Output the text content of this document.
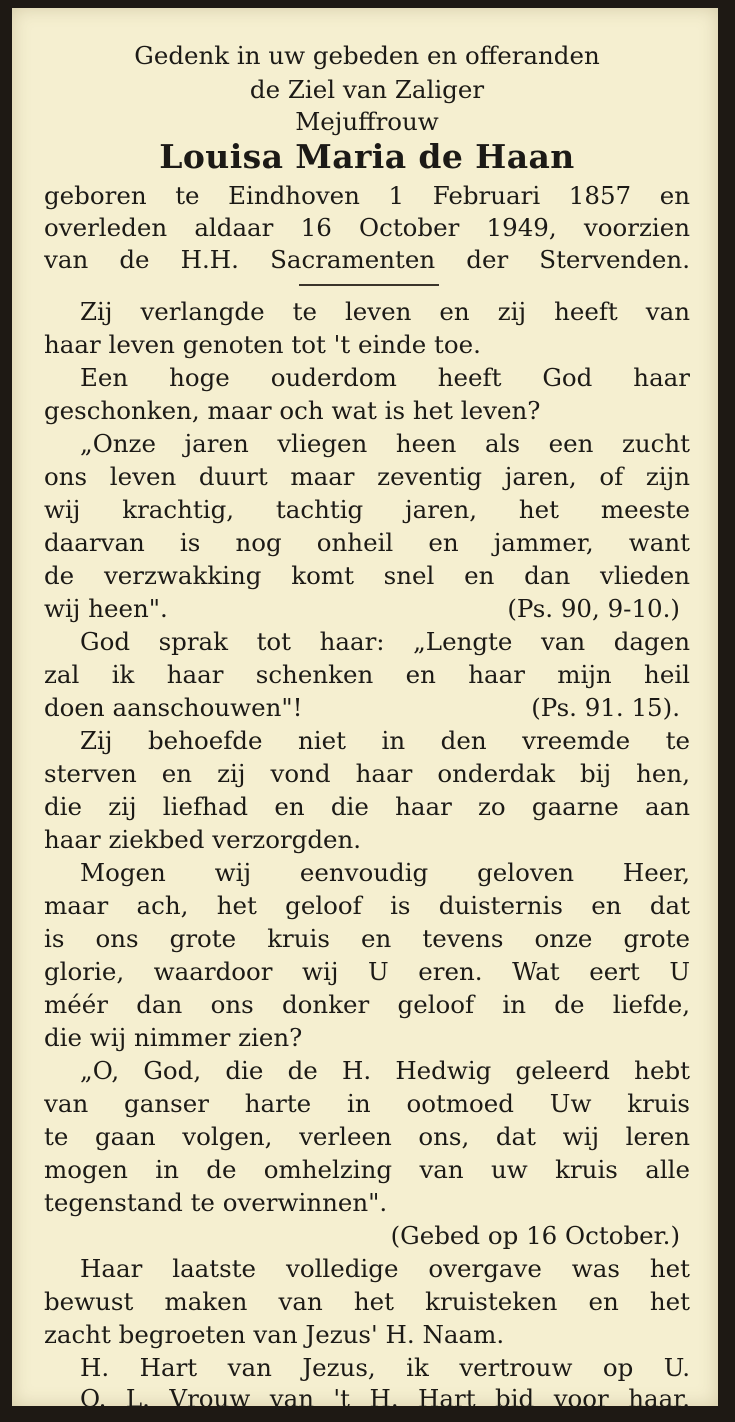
Gedenk in uw gebeden en offeranden

de Ziel van Zaliger

Mejuffrouw

Louisa Maria de Haan

geboren te Eindhoven 1 Februari 1857 en

overleden aldaar 16 October 1949, voorzien

van de H.H. Sacramenten der Stervenden.

Zij verlangde te leven en zij heeft van

haar leven genoten tot 't einde toe.

Een hoge ouderdom heeft God haar

geschonken, maar och wat is het leven?

„Onze jaren vliegen heen als een zucht

ons leven duurt maar zeventig jaren, of zijn

wij krachtig, tachtig jaren, het meeste

daarvan is nog onheil en jammer, want

de verzwakking komt snel en dan vlieden

wij heen".	(Ps. 90, 9-10.)

God sprak tot haar: „Lengte van dagen

zal ik haar schenken en haar mijn heil

doen aanschouwen"!	(Ps. 91. 15).

Zij behoefde niet in den vreemde te

sterven en zij vond haar onderdak bij hen,

die zij liefhad en die haar zo gaarne aan

haar ziekbed verzorgden.

Mogen wij eenvoudig geloven Heer,

maar ach, het geloof is duisternis en dat

is ons grote kruis en tevens onze grote

glorie, waardoor wij U eren. Wat eert U

méér dan ons donker geloof in de liefde,

die wij nimmer zien?

„O, God, die de H. Hedwig geleerd hebt

van ganser harte in ootmoed Uw kruis

te gaan volgen, verleen ons, dat wij leren

mogen in de omhelzing van uw kruis alle

tegenstand te overwinnen".

(Gebed op 16 October.)

Haar laatste volledige overgave was het

bewust maken van het kruisteken en het

zacht begroeten van Jezus' H. Naam.

H. Hart van Jezus, ik vertrouw op U.

O. L. Vrouw van 't H. Hart bid voor haar.
